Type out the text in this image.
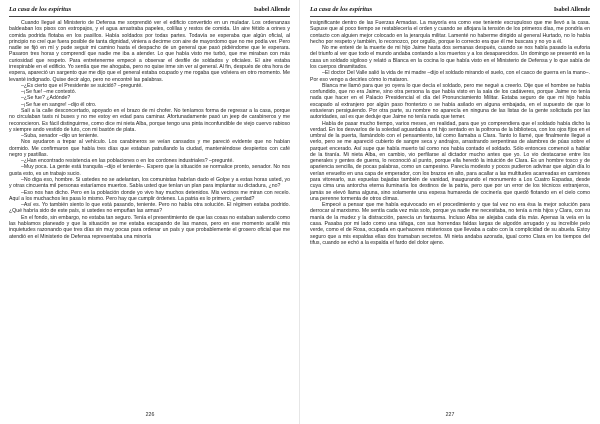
La casa de los espíritus	Isabel Allende

Cuando llegué al Ministerio de Defensa me sorprendió ver el edificio convertido en un muladar. Los ordenanzas baldeaban los pisos con estropajos, y el agua arrastraba papeles, colillas y restos de comida. Un aire fétido a orines y comida podrida flotaba en los pasillos. Había soldados por todas partes. Todavía se esperaba que algún oficial, al principio no creí que fuera posible de tanta dignidad, viniera a decirme con aire de mayordomo que no me podía ver. Pero nadie se fijó en mí y pude seguir mi camino hasta el despacho de un general que pasó pidiéndome que le esperara. Pasaron tres horas y comprendí que nadie me iba a atender. Lo que había visto me turbó, que me miraban con más curiosidad que respeto. Para entretenerme empecé a observar el desfile de soldados y oficiales. El aire estaba irrespirable en el edificio. Yo sentía que me ahogaba, pero no quise irme sin ver al general. Al fin, después de otra hora de espera, apareció un sargento que me dijo que el general estaba ocupado y me rogaba que volviera en otro momento. Me levanté indignado. Quise decir algo, pero no encontré las palabras.

–¿Es cierto que el Presidente se suicidó? –pregunté.

–¡Se fue! –me contestó.

–¿Se fue? ¿Adónde?

–¡Se fue en sangre! –dijo él otro.

Salí a la calle desconcertado, apoyado en el brazo de mi chofer. No teníamos forma de regresar a la casa, porque no circulaban taxis ni buses y no me estoy en edad para caminar. Afortunadamente pasó un jeep de carabineros y me reconocieron. Es fácil distinguirme, como dice mi nieta Alba, porque tengo una pinta inconfundible de viejo cuervo rabioso y siempre ando vestido de luto, con mi bastón de plata.

–Suba, senador –dijo un teniente.

Nos ayudaron a trepar al vehículo. Los carabineros se veían cansados y me pareció evidente que no habían dormido. Me confirmaron que había tres días que estaban patrullando la ciudad, manteniéndose despiertos con café negro y pastillas.

–¿Han encontrado resistencia en las poblaciones o en los cordones industriales? –pregunté.

–Muy poca. La gente está tranquila –dijo el teniente–. Espero que la situación se normalice pronto, senador. No nos gusta esto, es un trabajo sucio.

–No diga eso, hombre. Si ustedes no se adelantan, los comunistas habrían dado el Golpe y a estas horas usted, yo y otras cincuenta mil personas estaríamos muertos. Sabía usted que tenían un plan para implantar su dictadura, ¿no?

–Eso nos han dicho. Pero en la población donde yo vivo hay muchos detenidos. Mis vecinos me miran con recelo. Aquí a los muchachos les pasa lo mismo. Pero hay que cumplir órdenes. La patria es lo primero, ¿verdad?

–Así es. Yo también siento lo que está pasando, teniente. Pero no había otra solución. El régimen estaba podrido. ¿Qué habría sido de este país, si ustedes no empuñan las armas?

En el fondo, sin embargo, no estaba tan seguro. Tenía el presentimiento de que las cosas no estaban saliendo como las habíamos planeado y que la situación se me estaba escapando de las manos, pero en ese momento acallé mis inquietudes razonando que tres días sin muy pocas para ordenar un país y que probablemente el grosero oficial que me atendió en el Ministerio de Defensa representaba una minoría

226
La casa de los espíritus	Isabel Allende

insignificante dentro de las Fuerzas Armadas. La mayoría era como ese teniente escrupuloso que me llevó a la casa. Supuse que al poco tiempo se restablecería el orden y cuando se aflojara la tensión de los primeros días, me pondría en contacto con alguien mejor colocado en la jerarquía militar. Lamenté no haberme dirigido al general Hurtado, no lo había hecho por respeto y también, lo reconozco, por orgullo, porque lo correcto era que él me buscara y no yo a él.

No me enteré de la muerte de mi hijo Jaime hasta dos semanas después, cuando se nos había pasado la euforia del triunfo al ver que todo el mundo andaba contando a los muertos y a los desaparecidos. Un domingo se presentó en la casa un soldado sigiloso y relató a Blanca en la cocina lo que había visto en el Ministerio de Defensa y lo que sabía de los cuerpos dinamitados.

–El doctor Del Valle salió la vida de mi madre –dijo el soldado mirando el suelo, con el casco de guerra en la mano–. Por eso vengo a decirles cómo lo mataron.

Blanca me llamó para que yo oyera lo que decía el soldado, pero me negué a creerlo. Dije que el hombre se había confundido, que no era Jaime, sino otra persona la que había visto en la sala de los cadáveres, porque Jaime no tenía nada que hacer en el Palacio Presidencial el día del Pronunciamiento Militar. Estaba seguro de que mi hijo había escapado al extranjero por algún paso fronterizo o se había asilado en alguna embajada, en el supuesto de que lo estuvieran persiguiendo. Por otra parte, su nombre no aparecía en ninguna de las listas de la gente solicitada por las autoridades, así es que deduje que Jaime no tenía nada que temer.

Había de pasar mucho tiempo, varios meses, en realidad, para que yo comprendiera que el soldado había dicho la verdad. En los desvaríos de la soledad aguardaba a mi hijo sentado en la poltrona de la biblioteca, con los ojos fijos en el umbral de la puerta, llamándolo con el pensamiento, tal como llamaba a Clara. Tanto lo llamé, que finalmente llegué a verlo, pero se me apareció cubierto de sangre seca y andrajos, arrastrando serpentinas de alambres de púas sobre el parquet encerado. Así supe que había muerto tal como nos había contado el soldado. Sólo entonces comencé a hablar de la tiranía. Mi nieta Alba, en cambio, vio perfilarse al dictador mucho antes que yo. Lo vio destacarse entre los generales y gentes de guerra, lo reconoció al punto, porque ella heredó la intuición de Clara. Es un hombre tosco y de apariencia sencilla, de pocas palabras, como un campesino. Parecía modesto y pocos pudieron adivinar que algún día lo verían envuelto en una capa de emperador, con los brazos en alto, para acallar a las multitudes acarreadas en camiones para vitorearlo, sus espuelas bajadas también de vanidad, inaugurando el monumento a Los Cuatro Espadas, desde cuya cima una antorcha eterna iluminaría los destinos de la patria, pero que por un error de los técnicos extranjeros, jamás se elevó llama alguna, sino solamente una espesa humareda de cocinería que quedó flotando en el cielo como una perenne tormenta de otros climas.

Empecé a pensar que me había equivocado en el procedimiento y que tal vez no era ésa la mejor solución para derrocar al marxismo. Me sentía cada vez más solo, porque ya nadie me necesitaba, no tenía a mis hijos y Clara, con su manía de la mudez y la distracción, parecía un fantasma. Incluso Alba se alejaba cada día más. Apenas la veía en la casa. Pasaba por mi lado como una ráfaga, con sus horrendas faldas largas de algodón arrugado y su increíble pelo verde, como el de Rosa, ocupada en quehaceres misteriosos que llevaba a cabo con la complicidad de su abuela. Estoy seguro que a mis espaldas ellas dos tramaban secretos. Mi nieta andaba azorada, igual como Clara en los tiempos del tifus, cuando se echó a la espalda el fardo del dolor ajeno.

227
